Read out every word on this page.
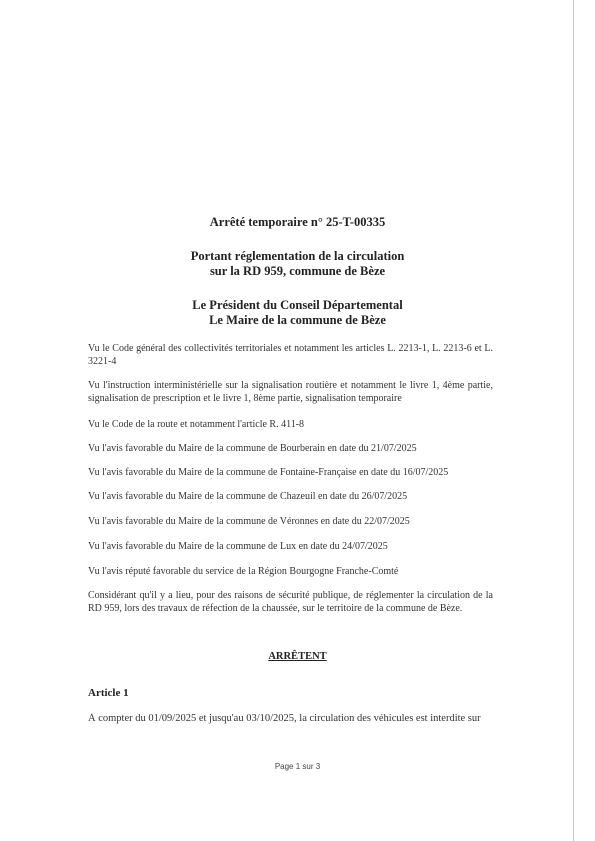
Arrêté temporaire n° 25-T-00335
Portant réglementation de la circulation
sur la RD 959, commune de Bèze
Le Président du Conseil Départemental
Le Maire de la commune de Bèze
Vu le Code général des collectivités territoriales et notamment les articles L. 2213-1, L. 2213-6 et L. 3221-4
Vu l'instruction interministérielle sur la signalisation routière et notamment le livre 1, 4ème partie, signalisation de prescription et le livre 1, 8ème partie, signalisation temporaire
Vu le Code de la route et notamment l'article R. 411-8
Vu l'avis favorable du Maire de la commune de Bourberain en date du 21/07/2025
Vu l'avis favorable du Maire de la commune de Fontaine-Française en date du 16/07/2025
Vu l'avis favorable du Maire de la commune de Chazeuil en date du 26/07/2025
Vu l'avis favorable du Maire de la commune de Véronnes en date du 22/07/2025
Vu l'avis favorable du Maire de la commune de Lux en date du 24/07/2025
Vu l'avis réputé favorable du service de la Région Bourgogne Franche-Comté
Considérant qu'il y a lieu, pour des raisons de sécurité publique, de réglementer la circulation de la RD 959, lors des travaux de réfection de la chaussée, sur le territoire de la commune de Bèze.
ARRÊTENT
Article 1
À compter du 01/09/2025 et jusqu'au 03/10/2025, la circulation des véhicules est interdite sur
Page 1 sur 3
